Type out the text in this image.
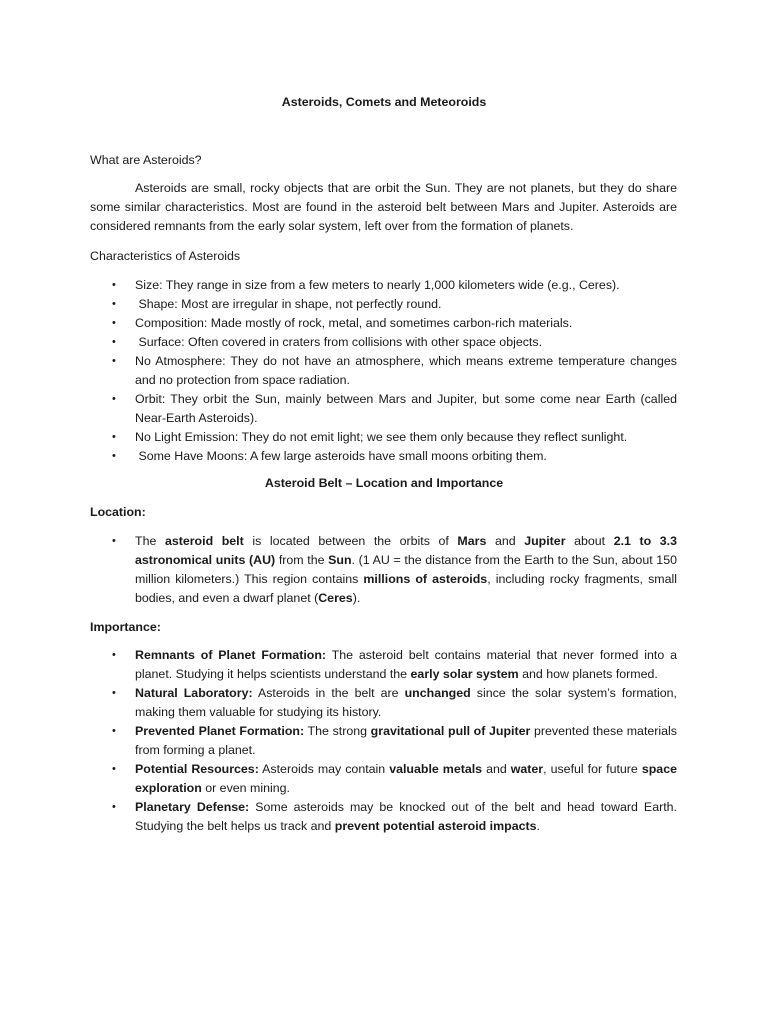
Asteroids, Comets and Meteoroids
What are Asteroids?

Asteroids are small, rocky objects that are orbit the Sun. They are not planets, but they do share some similar characteristics. Most are found in the asteroid belt between Mars and Jupiter. Asteroids are considered remnants from the early solar system, left over from the formation of planets.

Characteristics of Asteroids
•	Size: They range in size from a few meters to nearly 1,000 kilometers wide (e.g., Ceres).
•	Shape: Most are irregular in shape, not perfectly round.
•	Composition: Made mostly of rock, metal, and sometimes carbon-rich materials.
•	Surface: Often covered in craters from collisions with other space objects.
•	No Atmosphere: They do not have an atmosphere, which means extreme temperature changes and no protection from space radiation.
•	Orbit: They orbit the Sun, mainly between Mars and Jupiter, but some come near Earth (called Near-Earth Asteroids).
•	No Light Emission: They do not emit light; we see them only because they reflect sunlight.
•	Some Have Moons: A few large asteroids have small moons orbiting them.
Asteroid Belt – Location and Importance
Location:
•	The asteroid belt is located between the orbits of Mars and Jupiter about 2.1 to 3.3 astronomical units (AU) from the Sun. (1 AU = the distance from the Earth to the Sun, about 150 million kilometers.) This region contains millions of asteroids, including rocky fragments, small bodies, and even a dwarf planet (Ceres).
Importance:
•	Remnants of Planet Formation: The asteroid belt contains material that never formed into a planet. Studying it helps scientists understand the early solar system and how planets formed.
•	Natural Laboratory: Asteroids in the belt are unchanged since the solar system’s formation, making them valuable for studying its history.
•	Prevented Planet Formation: The strong gravitational pull of Jupiter prevented these materials from forming a planet.
•	Potential Resources: Asteroids may contain valuable metals and water, useful for future space exploration or even mining.
•	Planetary Defense: Some asteroids may be knocked out of the belt and head toward Earth. Studying the belt helps us track and prevent potential asteroid impacts.
